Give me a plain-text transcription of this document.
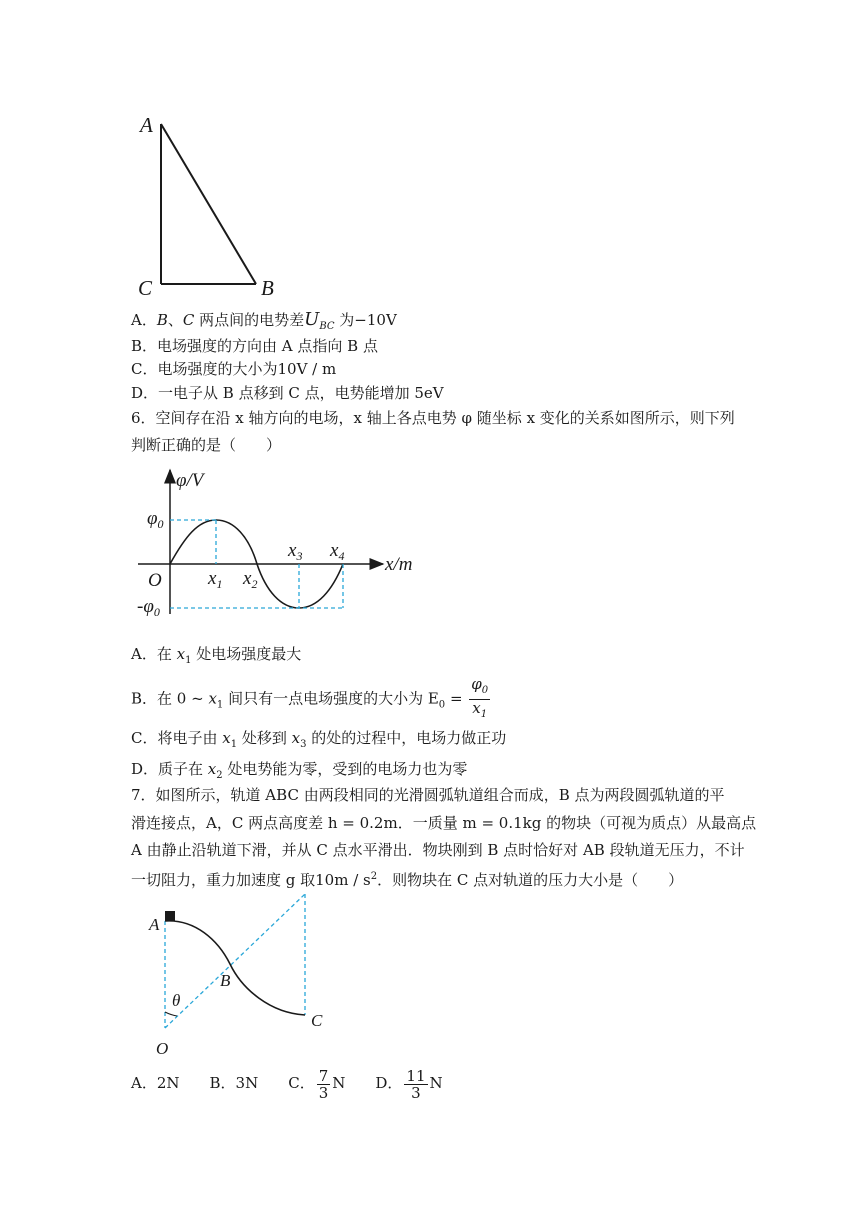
A
C	B
A．B、C 两点间的电势差$U_{BC}$ 为−10V
B．电场强度的方向由 A 点指向 B 点
C．电场强度的大小为10V / m
D．一电子从 B 点移到 C 点，电势能增加 5eV
6．空间存在沿 x 轴方向的电场，x 轴上各点电势 φ 随坐标 x 变化的关系如图所示，则下列
判断正确的是（　　）
φ/V
x/m
O
$\varphi_0$
$-\varphi_0$
$x_1$ $x_2$
$x_3$ $x_4$
A．在 $x_1$ 处电场强度最大
B．在 0 ~ $x_1$ 间只有一点电场强度的大小为 $E_0 = \frac{\varphi_0}{x_1}$
C．将电子由 $x_1$ 处移到 $x_3$ 的处的过程中，电场力做正功
D．质子在 $x_2$ 处电势能为零，受到的电场力也为零
7．如图所示，轨道 ABC 由两段相同的光滑圆弧轨道组合而成，B 点为两段圆弧轨道的平
滑连接点，A，C 两点高度差 h = 0.2m．一质量 m = 0.1kg 的物块（可视为质点）从最高点
A 由静止沿轨道下滑，并从 C 点水平滑出．物块刚到 B 点时恰好对 AB 段轨道无压力，不计
一切阻力，重力加速度 g 取$10m / s^2$．则物块在 C 点对轨道的压力大小是（　　）
A
B
C
O
θ
A．2N B．3N C． $\frac{7}{3}$ N D． $\frac{11}{3}$ N
